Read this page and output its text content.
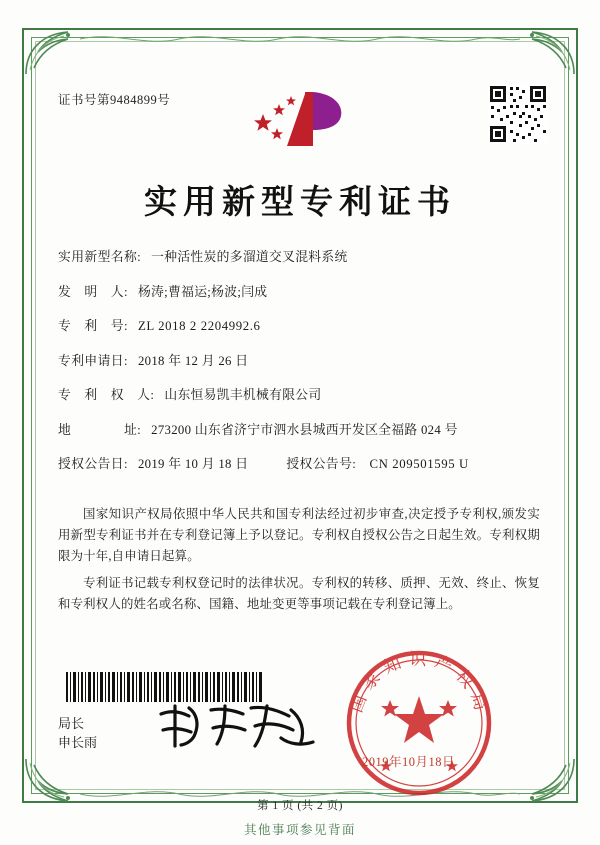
证书号第9484899号
实用新型专利证书
实用新型名称: 一种活性炭的多溜道交叉混料系统
发　明　人: 杨涛;曹福运;杨波;闫成
专　利　号: ZL 2018 2 2204992.6
专利申请日: 2018 年 12 月 26 日
专　利　权　人: 山东恒易凯丰机械有限公司
地　　　　址: 273200 山东省济宁市泗水县城西开发区全福路 024 号
授权公告日: 2019 年 10 月 18 日	授权公告号: CN 209501595 U
国家知识产权局依照中华人民共和国专利法经过初步审查,决定授予专利权,颁发实用新型专利证书并在专利登记簿上予以登记。专利权自授权公告之日起生效。专利权期限为十年,自申请日起算。
专利证书记载专利权登记时的法律状况。专利权的转移、质押、无效、终止、恢复和专利权人的姓名或名称、国籍、地址变更等事项记载在专利登记簿上。
局长
申长雨
国家知识产权局
2019年10月18日
第 1 页 (共 2 页)
其他事项参见背面
